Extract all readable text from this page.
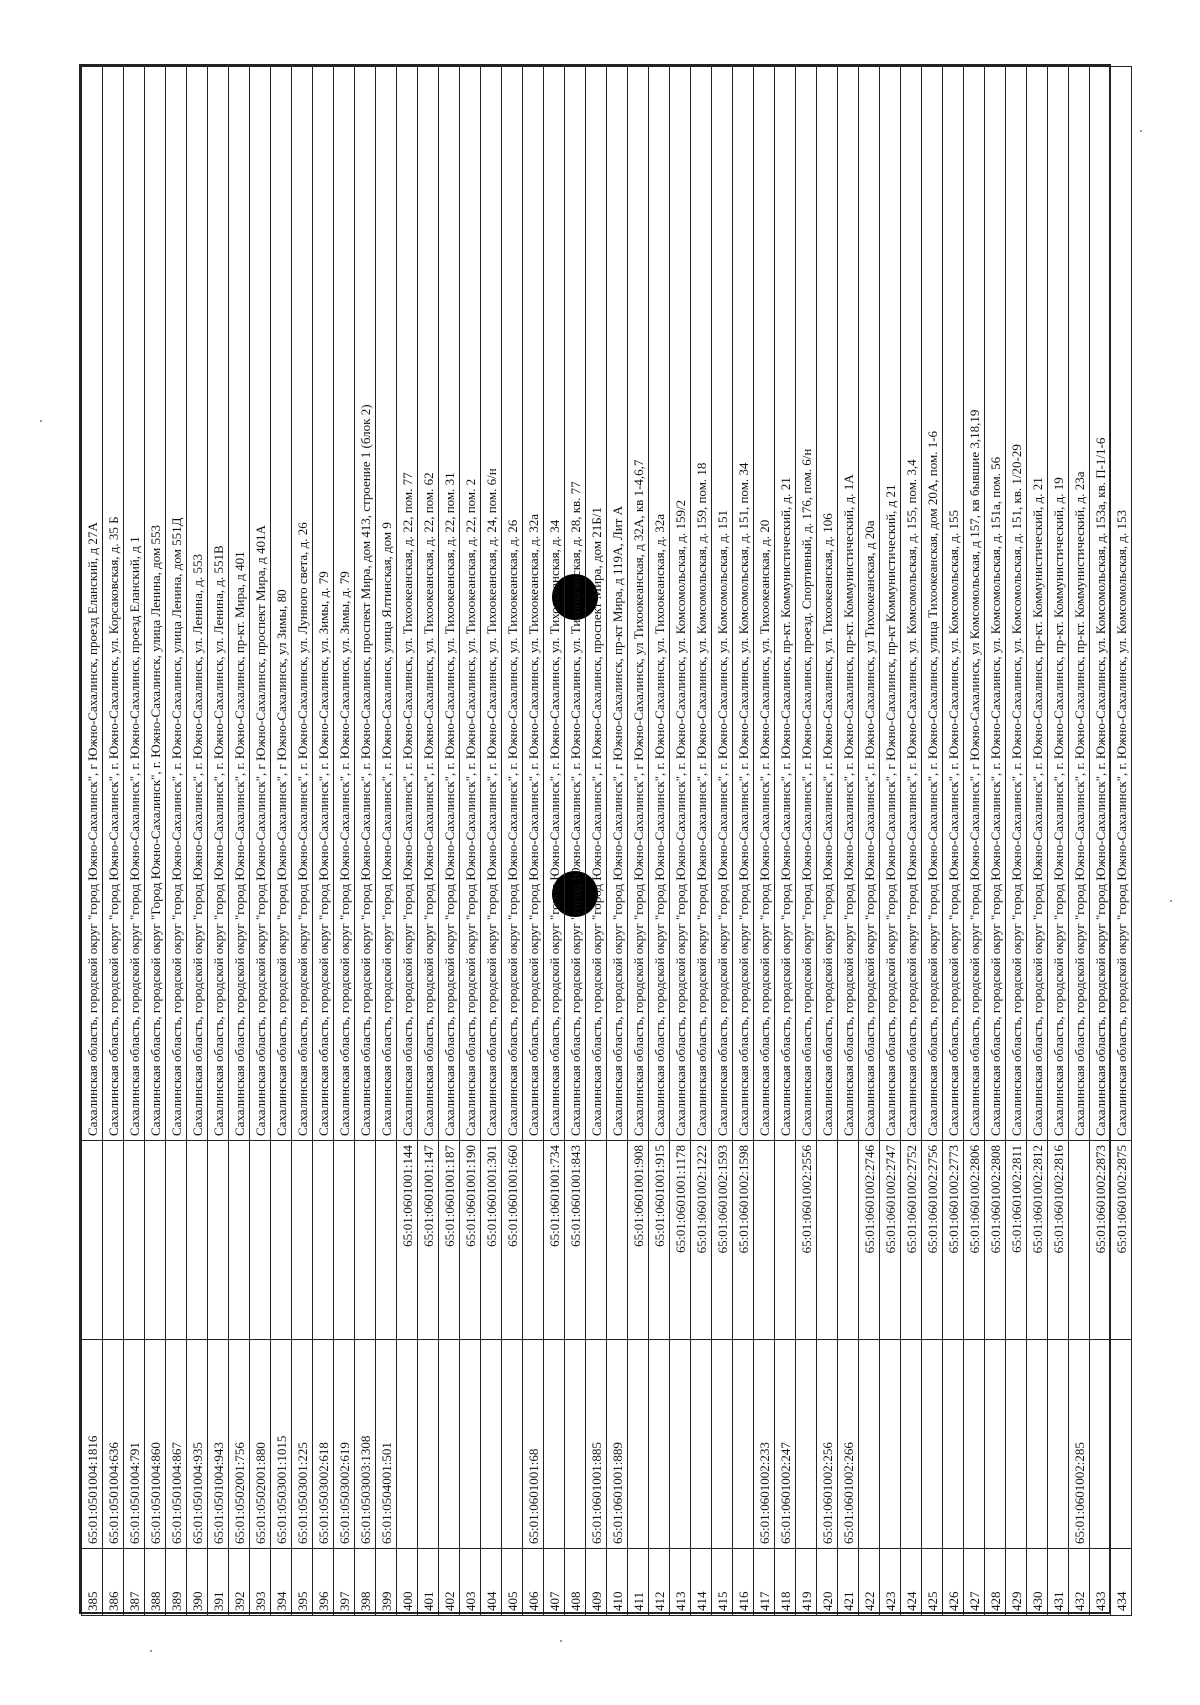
385	65:01:0501004:1816		Сахалинская область, городской округ "город Южно-Сахалинск", г Южно-Сахалинск, проезд Еланский, д 27А
386	65:01:0501004:636		Сахалинская область, городской округ "город Южно-Сахалинск", г. Южно-Сахалинск, ул. Корсаковская, д. 35 Б
387	65:01:0501004:791		Сахалинская область, городской округ "город Южно-Сахалинск", г. Южно-Сахалинск, проезд Еланский, д 1
388	65:01:0501004:860		Сахалинская область, городской округ "Город Южно-Сахалинск", г. Южно-Сахалинск, улица Ленина, дом 553
389	65:01:0501004:867		Сахалинская область, городской округ "город Южно-Сахалинск", г. Южно-Сахалинск, улица Ленина, дом 551Д
390	65:01:0501004:935		Сахалинская область, городской округ "город Южно-Сахалинск", г. Южно-Сахалинск, ул. Ленина, д. 553
391	65:01:0501004:943		Сахалинская область, городской округ "город Южно-Сахалинск", г. Южно-Сахалинск, ул. Ленина, д. 551В
392	65:01:0502001:756		Сахалинская область, городской округ "город Южно-Сахалинск", г. Южно-Сахалинск, пр-кт. Мира, д 401
393	65:01:0502001:880		Сахалинская область, городской округ "город Южно-Сахалинск", г Южно-Сахалинск, проспект Мира, д 401А
394	65:01:0503001:1015		Сахалинская область, городской округ "город Южно-Сахалинск", г Южно-Сахалинск, ул Зимы, 80
395	65:01:0503001:225		Сахалинская область, городской округ "город Южно-Сахалинск", г. Южно-Сахалинск, ул. Лунного света, д. 26
396	65:01:0503002:618		Сахалинская область, городской округ "город Южно-Сахалинск", г. Южно-Сахалинск, ул. Зимы, д. 79
397	65:01:0503002:619		Сахалинская область, городской округ "город Южно-Сахалинск", г. Южно-Сахалинск, ул. Зимы, д. 79
398	65:01:0503003:1308		Сахалинская область, городской округ "город Южно-Сахалинск", г. Южно-Сахалинск, проспект Мира, дом 413, строение 1 (блок 2)
399	65:01:0504001:501		Сахалинская область, городской округ "город Южно-Сахалинск", г. Южно-Сахалинск, улица Ялтинская, дом 9
400		65:01:0601001:144	Сахалинская область, городской округ "город Южно-Сахалинск", г. Южно-Сахалинск, ул. Тихоокеанская, д. 22, пом. 77
401		65:01:0601001:147	Сахалинская область, городской округ "город Южно-Сахалинск", г. Южно-Сахалинск, ул. Тихоокеанская, д. 22, пом. 62
402		65:01:0601001:187	Сахалинская область, городской округ "город Южно-Сахалинск", г. Южно-Сахалинск, ул. Тихоокеанская, д. 22, пом. 31
403		65:01:0601001:190	Сахалинская область, городской округ "город Южно-Сахалинск", г. Южно-Сахалинск, ул. Тихоокеанская, д. 22, пом. 2
404		65:01:0601001:301	Сахалинская область, городской округ "город Южно-Сахалинск", г. Южно-Сахалинск, ул. Тихоокеанская, д. 24, пом. 6/н
405		65:01:0601001:660	Сахалинская область, городской округ "город Южно-Сахалинск", г. Южно-Сахалинск, ул. Тихоокеанская, д. 26
406	65:01:0601001:68		Сахалинская область, городской округ "город Южно-Сахалинск", г. Южно-Сахалинск, ул. Тихоокеанская, д. 32а
407		65:01:0601001:734	Сахалинская область, городской округ "город Южно-Сахалинск", г. Южно-Сахалинск, ул. Тихоокеанская, д. 34
408		65:01:0601001:843	Сахалинская область, городской округ "город Южно-Сахалинск", г. Южно-Сахалинск, ул. Тихоокеанская, д. 28, кв. 77
409	65:01:0601001:885		Сахалинская область, городской округ "город Южно-Сахалинск", г. Южно-Сахалинск, проспект Мира, дом 21Б/1
410	65:01:0601001:889		Сахалинская область, городской округ "город Южно-Сахалинск", г Южно-Сахалинск, пр-кт Мира, д 119А, Лит А
411		65:01:0601001:908	Сахалинская область, городской округ "город Южно-Сахалинск", г Южно-Сахалинск, ул Тихоокеанская, д 32А, кв 1-4,6,7
412		65:01:0601001:915	Сахалинская область, городской округ "город Южно-Сахалинск", г. Южно-Сахалинск, ул. Тихоокеанская, д. 32а
413		65:01:0601001:1178	Сахалинская область, городской округ "город Южно-Сахалинск", г. Южно-Сахалинск, ул. Комсомольская, д. 159/2
414		65:01:0601002:1222	Сахалинская область, городской округ "город Южно-Сахалинск", г. Южно-Сахалинск, ул. Комсомольская, д. 159, пом. 18
415		65:01:0601002:1593	Сахалинская область, городской округ "город Южно-Сахалинск", г. Южно-Сахалинск, ул. Комсомольская, д. 151
416		65:01:0601002:1598	Сахалинская область, городской округ "город Южно-Сахалинск", г. Южно-Сахалинск, ул. Комсомольская, д. 151, пом. 34
417	65:01:0601002:233		Сахалинская область, городской округ "город Южно-Сахалинск", г. Южно-Сахалинск, ул. Тихоокеанская, д. 20
418	65:01:0601002:247		Сахалинская область, городской округ "город Южно-Сахалинск", г. Южно-Сахалинск, пр-кт. Коммунистический, д. 21
419		65:01:0601002:2556	Сахалинская область, городской округ "город Южно-Сахалинск", г. Южно-Сахалинск, проезд. Спортивный, д. 176, пом. 6/н
420	65:01:0601002:256		Сахалинская область, городской округ "город Южно-Сахалинск", г. Южно-Сахалинск, ул. Тихоокеанская, д. 106
421	65:01:0601002:266		Сахалинская область, городской округ "город Южно-Сахалинск", г. Южно-Сахалинск, пр-кт. Коммунистический, д. 1А
422		65:01:0601002:2746	Сахалинская область, городской округ "город Южно-Сахалинск", г. Южно-Сахалинск, ул Тихоокеанская, д 20а
423		65:01:0601002:2747	Сахалинская область, городской округ "город Южно-Сахалинск", г Южно-Сахалинск, пр-кт Коммунистический, д 21
424		65:01:0601002:2752	Сахалинская область, городской округ "город Южно-Сахалинск", г. Южно-Сахалинск, ул. Комсомольская, д. 155, пом. 3,4
425		65:01:0601002:2756	Сахалинская область, городской округ "город Южно-Сахалинск", г. Южно-Сахалинск, улица Тихоокеанская, дом 20А, пом. 1-6
426		65:01:0601002:2773	Сахалинская область, городской округ "город Южно-Сахалинск", г. Южно-Сахалинск, ул. Комсомольская, д. 155
427		65:01:0601002:2806	Сахалинская область, городской округ "город Южно-Сахалинск", г Южно-Сахалинск, ул Комсомольская, д 157, кв бывшие 3,18,19
428		65:01:0601002:2808	Сахалинская область, городской округ "город Южно-Сахалинск", г. Южно-Сахалинск, ул. Комсомольская, д. 151а, пом. 56
429		65:01:0601002:2811	Сахалинская область, городской округ "город Южно-Сахалинск", г. Южно-Сахалинск, ул. Комсомольская, д. 151, кв. 1/20-29
430		65:01:0601002:2812	Сахалинская область, городской округ "город Южно-Сахалинск", г. Южно-Сахалинск, пр-кт. Коммунистический, д. 21
431		65:01:0601002:2816	Сахалинская область, городской округ "город Южно-Сахалинск", г. Южно-Сахалинск, пр-кт. Коммунистический, д. 19
432	65:01:0601002:285		Сахалинская область, городской округ "город Южно-Сахалинск", г. Южно-Сахалинск, пр-кт. Коммунистический, д. 23а
433		65:01:0601002:2873	Сахалинская область, городской округ "город Южно-Сахалинск", г. Южно-Сахалинск, ул. Комсомольская, д. 153а, кв. П-1/1-6
434		65:01:0601002:2875	Сахалинская область, городской округ "город Южно-Сахалинск", г. Южно-Сахалинск, ул. Комсомольская, д. 153
